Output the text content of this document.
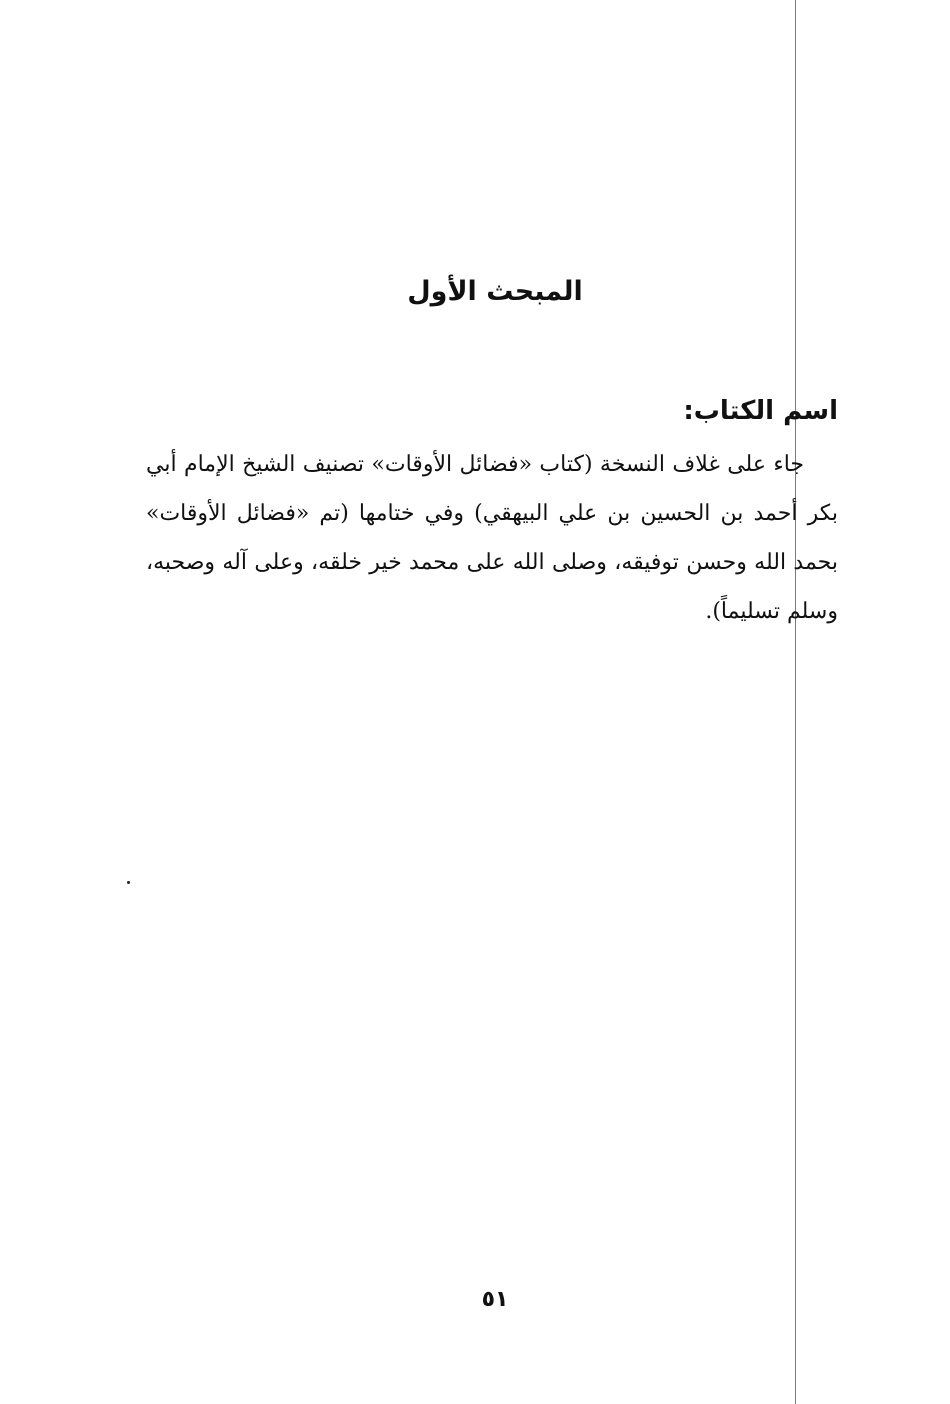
المبحث الأول
اسم الكتاب:

جاء على غلاف النسخة (كتاب «فضائل الأوقات» تصنيف الشيخ الإمام أبي بكر أحمد بن الحسين بن علي البيهقي) وفي ختامها (تم «فضائل الأوقات» بحمد الله وحسن توفيقه، وصلى الله على محمد خير خلقه، وعلى آله وصحبه، وسلم تسليماً).

٥١
